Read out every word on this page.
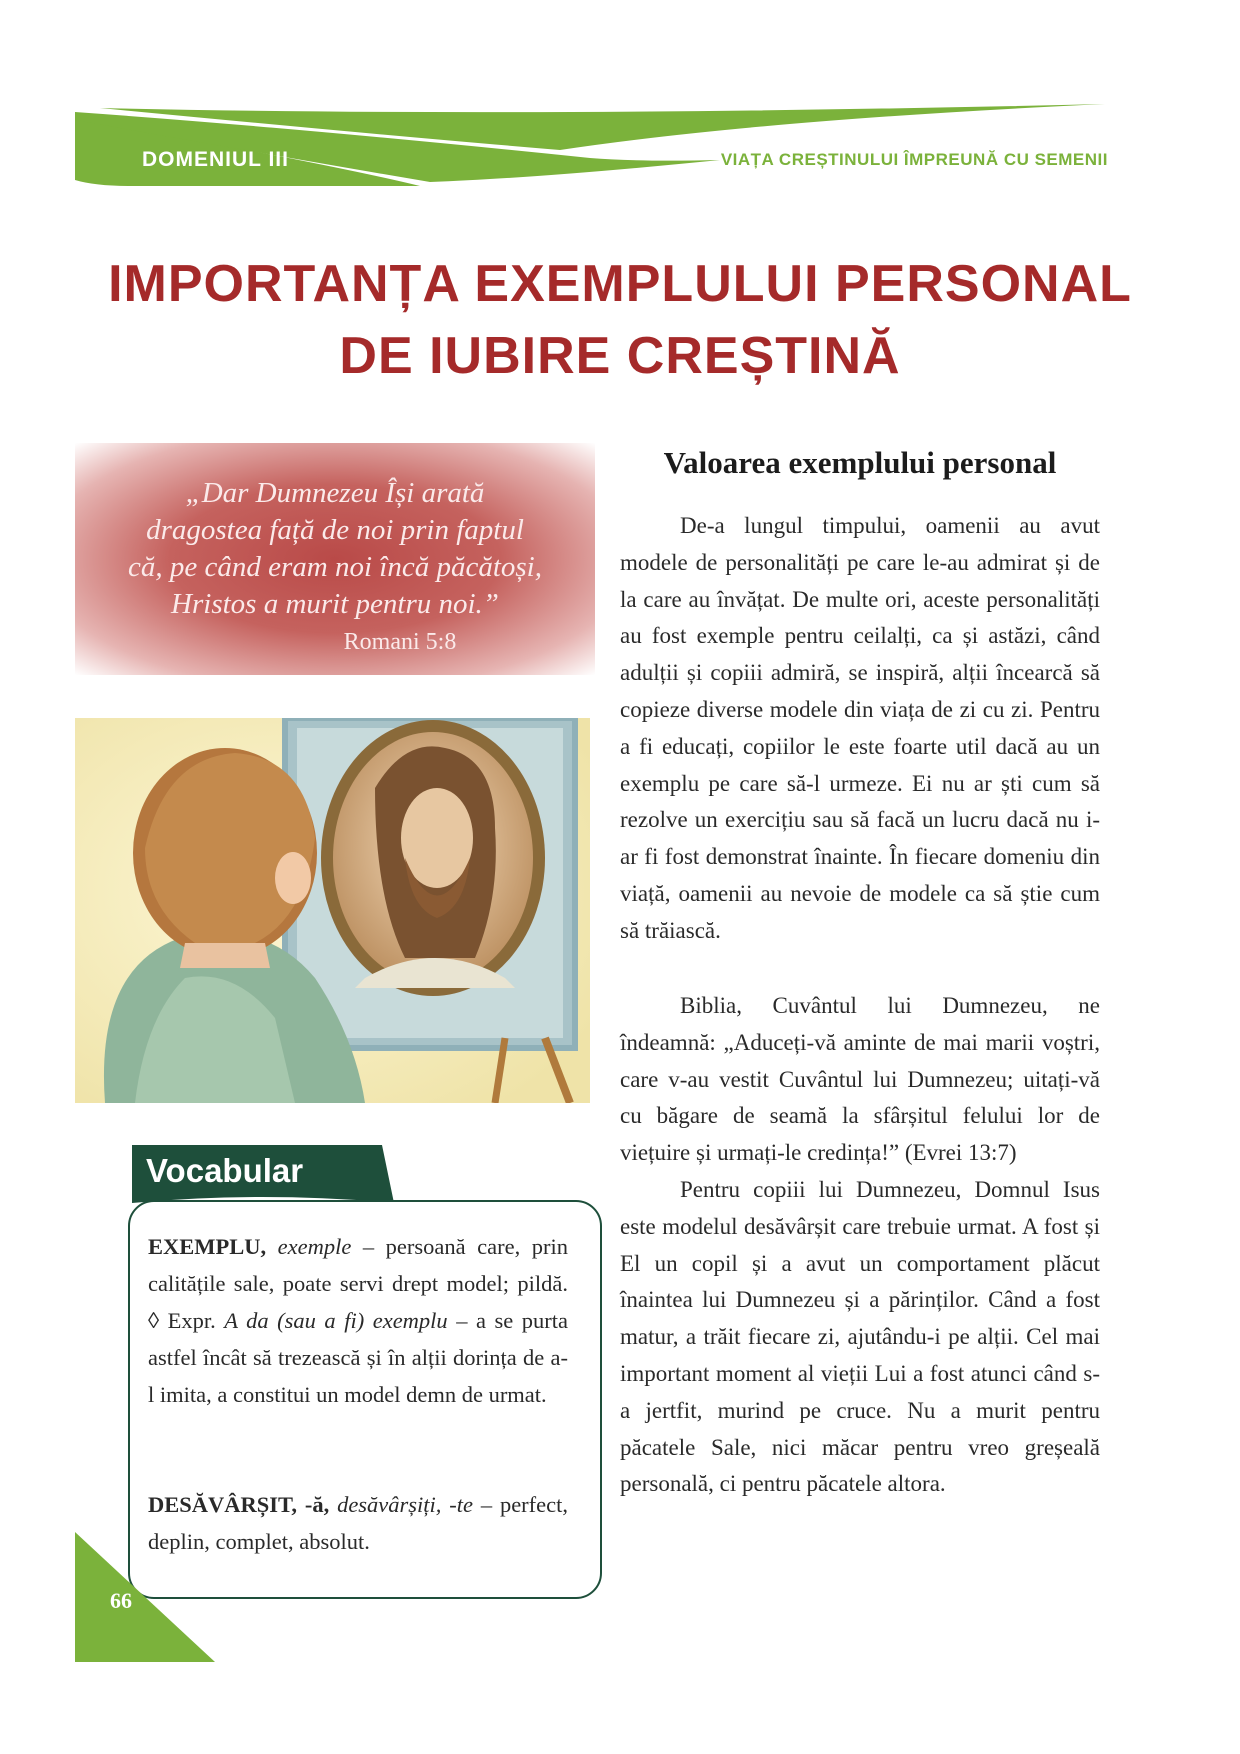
DOMENIUL III	VIAȚA CREȘTINULUI ÎMPREUNĂ CU SEMENII
IMPORTANȚA EXEMPLULUI PERSONAL
DE IUBIRE CREȘTINĂ
„Dar Dumnezeu Își arată
dragostea față de noi prin faptul
că, pe când eram noi încă păcătoși,
Hristos a murit pentru noi.”
Romani 5:8
Vocabular

EXEMPLU, exemple – persoană care, prin calitățile sale, poate servi drept model; pildă. ◊ Expr. A da (sau a fi) exemplu – a se purta astfel încât să trezească și în alții dorința de a-l imita, a constitui un model demn de urmat.

DESĂVÂRȘIT, -ă, desăvârșiți, -te – perfect, deplin, complet, absolut.

66
Valoarea exemplului personal

De-a lungul timpului, oamenii au avut modele de personalități pe care le-au admirat și de la care au învățat. De multe ori, aceste personalități au fost exemple pentru ceilalți, ca și astăzi, când adulții și copiii admiră, se inspiră, alții încearcă să copieze diverse modele din viața de zi cu zi. Pentru a fi educați, copiilor le este foarte util dacă au un exemplu pe care să-l urmeze. Ei nu ar ști cum să rezolve un exercițiu sau să facă un lucru dacă nu i-ar fi fost demonstrat înainte. În fiecare domeniu din viață, oamenii au nevoie de modele ca să știe cum să trăiască.

Biblia, Cuvântul lui Dumnezeu, ne îndeamnă: „Aduceți-vă aminte de mai marii voștri, care v-au vestit Cuvântul lui Dumnezeu; uitați-vă cu băgare de seamă la sfârșitul felului lor de viețuire și urmați-le credința!” (Evrei 13:7)

Pentru copiii lui Dumnezeu, Domnul Isus este modelul desăvârșit care trebuie urmat. A fost și El un copil și a avut un comportament plăcut înaintea lui Dumnezeu și a părinților. Când a fost matur, a trăit fiecare zi, ajutându-i pe alții. Cel mai important moment al vieții Lui a fost atunci când s-a jertfit, murind pe cruce. Nu a murit pentru păcatele Sale, nici măcar pentru vreo greșeală personală, ci pentru păcatele altora.
